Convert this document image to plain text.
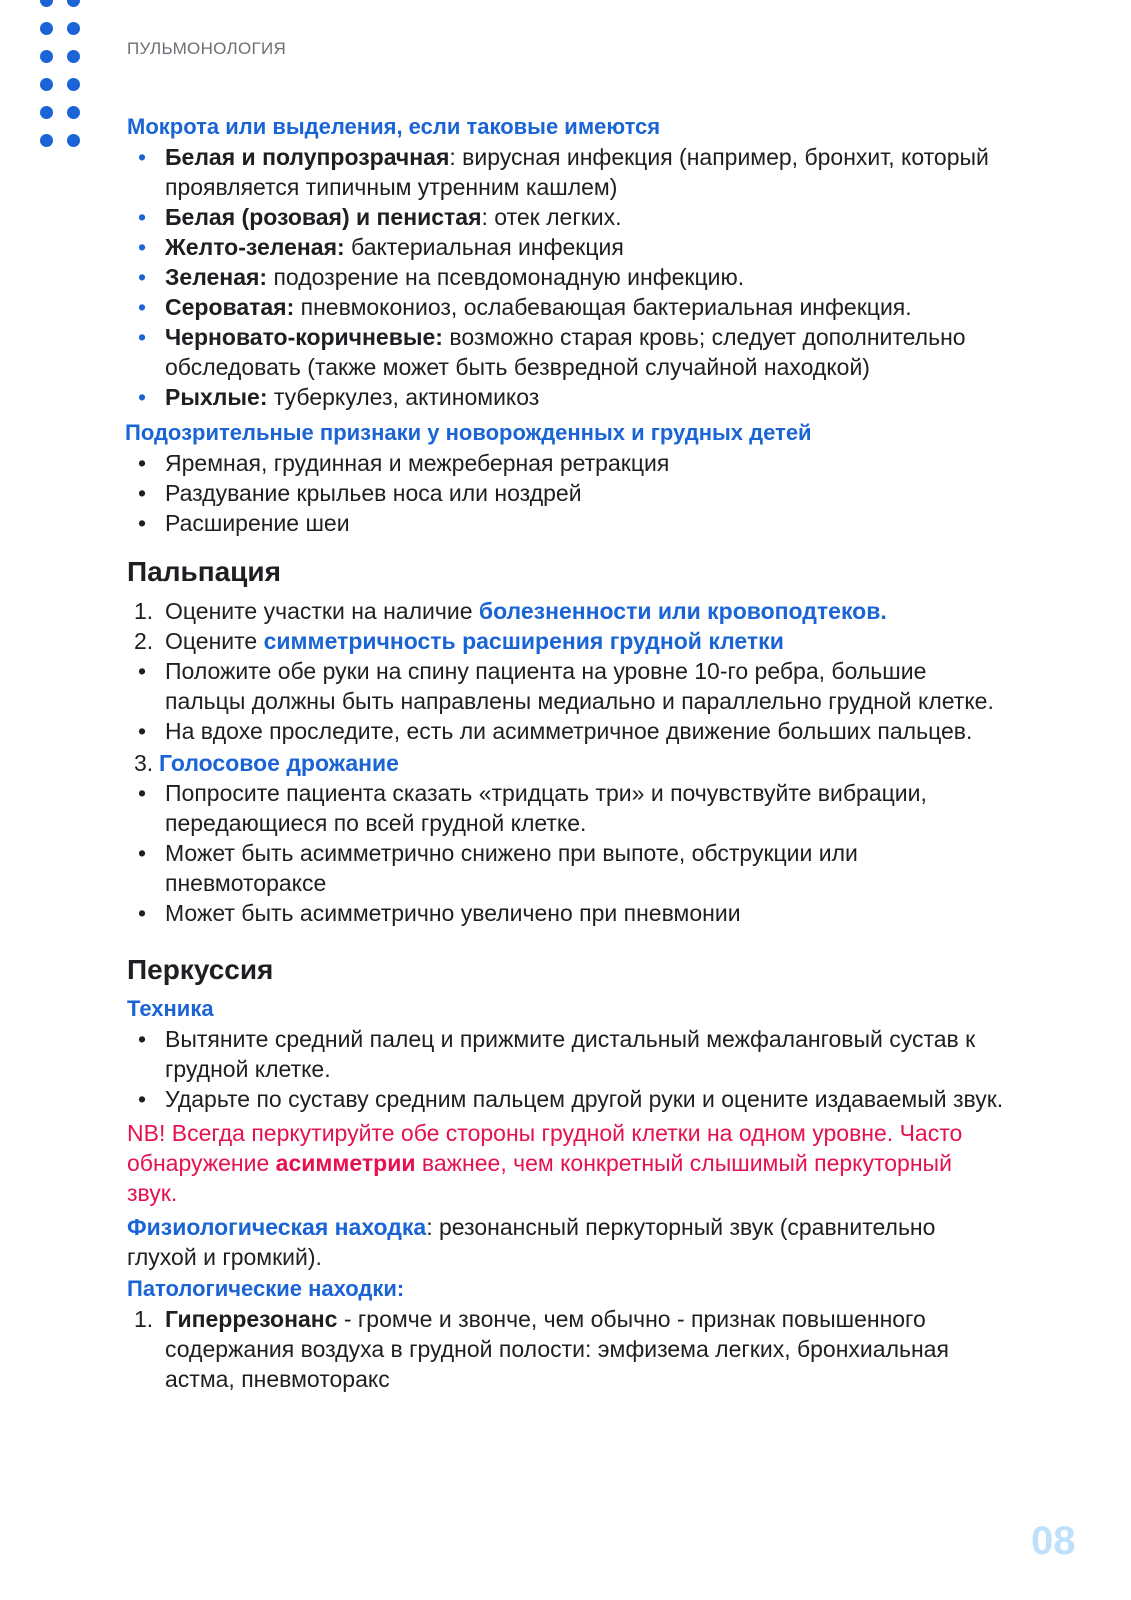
ПУЛЬМОНОЛОГИЯ
Мокрота или выделения, если таковые имеются
• Белая и полупрозрачная: вирусная инфекция (например, бронхит, который проявляется типичным утренним кашлем)
• Белая (розовая) и пенистая: отек легких.
• Желто-зеленая: бактериальная инфекция
• Зеленая: подозрение на псевдомонадную инфекцию.
• Сероватая: пневмокониоз, ослабевающая бактериальная инфекция.
• Черновато-коричневые: возможно старая кровь; следует дополнительно обследовать (также может быть безвредной случайной находкой)
• Рыхлые: туберкулез, актиномикоз
Подозрительные признаки у новорожденных и грудных детей
• Яремная, грудинная и межреберная ретракция
• Раздувание крыльев носа или ноздрей
• Расширение шеи
Пальпация
1. Оцените участки на наличие болезненности или кровоподтеков.
2. Оцените симметричность расширения грудной клетки
• Положите обе руки на спину пациента на уровне 10-го ребра, большие пальцы должны быть направлены медиально и параллельно грудной клетке.
• На вдохе проследите, есть ли асимметричное движение больших пальцев.
3. Голосовое дрожание
• Попросите пациента сказать «тридцать три» и почувствуйте вибрации, передающиеся по всей грудной клетке.
• Может быть асимметрично снижено при выпоте, обструкции или пневмотораксе
• Может быть асимметрично увеличено при пневмонии
Перкуссия
Техника
• Вытяните средний палец и прижмите дистальный межфаланговый сустав к грудной клетке.
• Ударьте по суставу средним пальцем другой руки и оцените издаваемый звук.
NB! Всегда перкутируйте обе стороны грудной клетки на одном уровне. Часто обнаружение асимметрии важнее, чем конкретный слышимый перкуторный звук.
Физиологическая находка: резонансный перкуторный звук (сравнительно глухой и громкий).
Патологические находки:
1. Гиперрезонанс - громче и звонче, чем обычно - признак повышенного содержания воздуха в грудной полости: эмфизема легких, бронхиальная астма, пневмоторакс
08
